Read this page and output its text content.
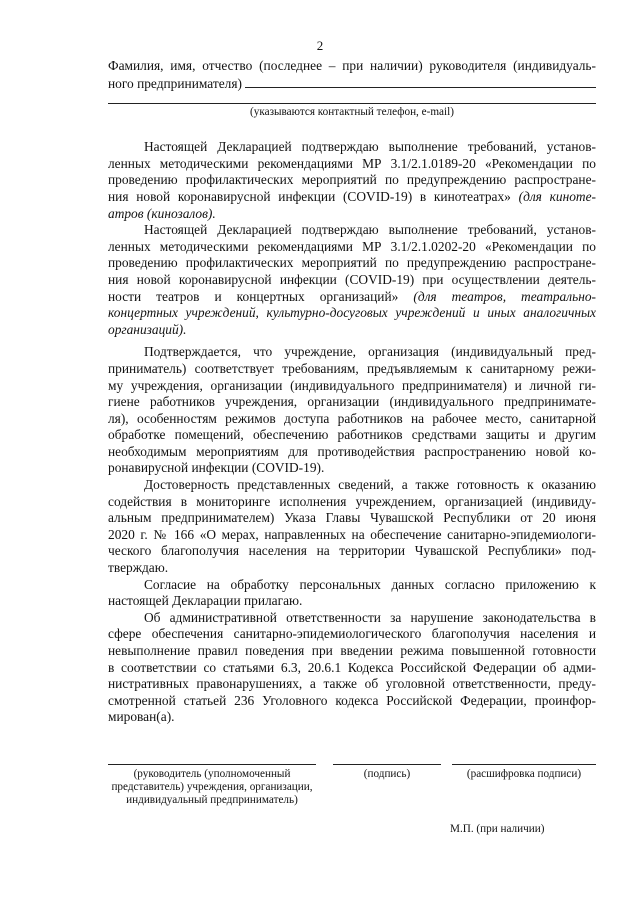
2
Фамилия, имя, отчество (последнее – при наличии) руководителя (индивидуаль-
ного предпринимателя)
(указываются контактный телефон, e-mail)
Настоящей Декларацией подтверждаю выполнение требований, установ-
ленных методическими рекомендациями МР 3.1/2.1.0189-20 «Рекомендации по
проведению профилактических мероприятий по предупреждению распростране-
ния новой коронавирусной инфекции (COVID-19) в кинотеатрах» (для кинотe-
атров (кинозалов).
Настоящей Декларацией подтверждаю выполнение требований, установ-
ленных методическими рекомендациями МР 3.1/2.1.0202-20 «Рекомендации по
проведению профилактических мероприятий по предупреждению распростране-
ния новой коронавирусной инфекции (COVID-19) при осуществлении деятель-
ности театров и концертных организаций» (для театров, театрально-
концертных учреждений, культурно-досуговых учреждений и иных аналогичных
организаций).
Подтверждается, что учреждение, организация (индивидуальный пред-
приниматель) соответствует требованиям, предъявляемым к санитарному режи-
му учреждения, организации (индивидуального предпринимателя) и личной ги-
гиене работников учреждения, организации (индивидуального предпринимате-
ля), особенностям режимов доступа работников на рабочее место, санитарной
обработке помещений, обеспечению работников средствами защиты и другим
необходимым мероприятиям для противодействия распространению новой ко-
ронавирусной инфекции (COVID-19).
Достоверность представленных сведений, а также готовность к оказанию
содействия в мониторинге исполнения учреждением, организацией (индивиду-
альным предпринимателем) Указа Главы Чувашской Республики от 20 июня
2020 г. № 166 «О мерах, направленных на обеспечение санитарно-эпидемиологи-
ческого благополучия населения на территории Чувашской Республики» под-
тверждаю.
Согласие на обработку персональных данных согласно приложению к
настоящей Декларации прилагаю.
Об административной ответственности за нарушение законодательства в
сфере обеспечения санитарно-эпидемиологического благополучия населения и
невыполнение правил поведения при введении режима повышенной готовности
в соответствии со статьями 6.3, 20.6.1 Кодекса Российской Федерации об адми-
нистративных правонарушениях, а также об уголовной ответственности, преду-
смотренной статьей 236 Уголовного кодекса Российской Федерации, проинфор-
мирован(а).
(руководитель (уполномоченный
представитель) учреждения, организации,
индивидуальный предприниматель)
(подпись)	(расшифровка подписи)
М.П. (при наличии)
